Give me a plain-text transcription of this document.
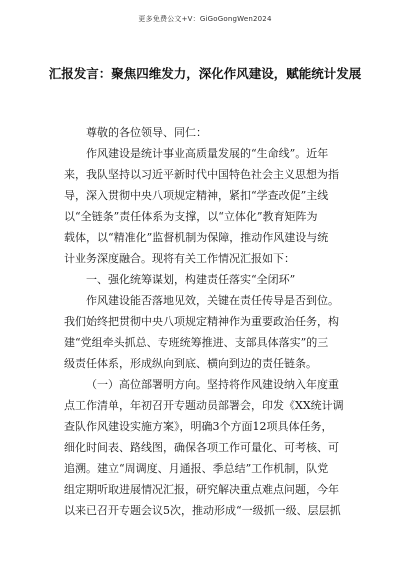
更多免费公文+V：GiGoGongWen2024
汇报发言：聚焦四维发力，深化作风建设，赋能统计发展
尊敬的各位领导、同仁：
作风建设是统计事业高质量发展的“生命线”。近年
来，我队坚持以习近平新时代中国特色社会主义思想为指
导，深入贯彻中央八项规定精神，紧扣“学查改促”主线
以“全链条”责任体系为支撑，以“立体化”教育矩阵为
载体，以“精准化”监督机制为保障，推动作风建设与统
计业务深度融合。现将有关工作情况汇报如下：
一、强化统筹谋划，构建责任落实“全闭环”
作风建设能否落地见效，关键在责任传导是否到位。
我们始终把贯彻中央八项规定精神作为重要政治任务，构
建“党组牵头抓总、专班统筹推进、支部具体落实”的三
级责任体系，形成纵向到底、横向到边的责任链条。
（一）高位部署明方向。坚持将作风建设纳入年度重
点工作清单，年初召开专题动员部署会，印发《XX统计调
查队作风建设实施方案》，明确3个方面12项具体任务，
细化时间表、路线图，确保各项工作可量化、可考核、可
追溯。建立“周调度、月通报、季总结”工作机制，队党
组定期听取进展情况汇报，研究解决重点难点问题，今年
以来已召开专题会议5次，推动形成“一级抓一级、层层抓
